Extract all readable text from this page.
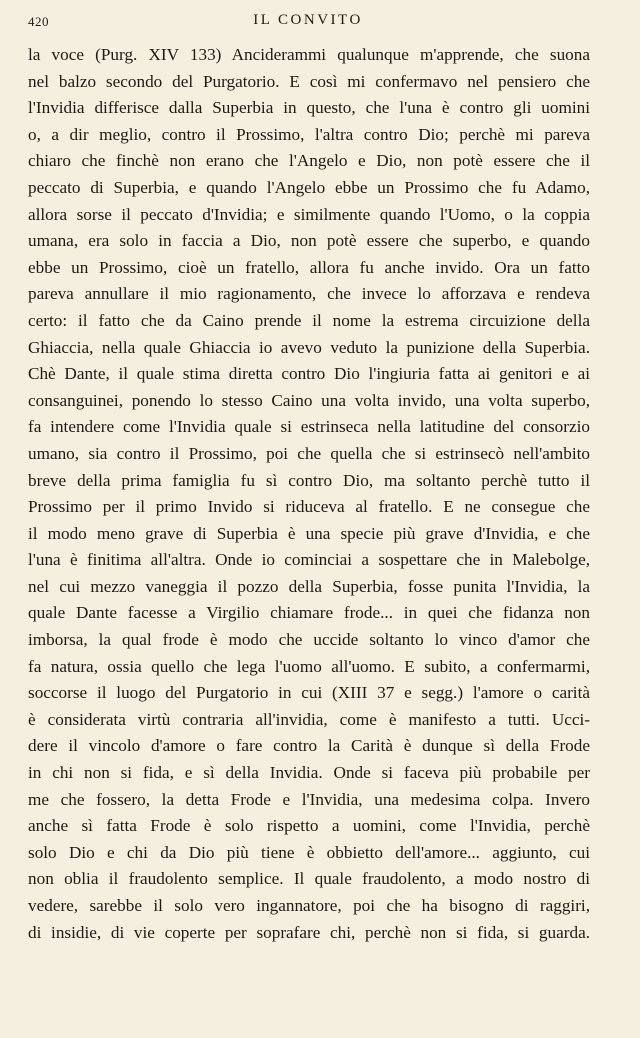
420	IL CONVITO
la voce (Purg. XIV 133) Anciderammi qualunque m'apprende, che suona
nel balzo secondo del Purgatorio. E così mi confermavo nel pensiero che
l'Invidia differisce dalla Superbia in questo, che l'una è contro gli uomini
o, a dir meglio, contro il Prossimo, l'altra contro Dio; perchè mi pareva
chiaro che finchè non erano che l'Angelo e Dio, non potè essere che il
peccato di Superbia, e quando l'Angelo ebbe un Prossimo che fu Adamo,
allora sorse il peccato d'Invidia; e similmente quando l'Uomo, o la coppia
umana, era solo in faccia a Dio, non potè essere che superbo, e quando
ebbe un Prossimo, cioè un fratello, allora fu anche invido. Ora un fatto
pareva annullare il mio ragionamento, che invece lo afforzava e rendeva
certo: il fatto che da Caino prende il nome la estrema circuizione della
Ghiaccia, nella quale Ghiaccia io avevo veduto la punizione della Superbia.
Chè Dante, il quale stima diretta contro Dio l'ingiuria fatta ai genitori e ai
consanguinei, ponendo lo stesso Caino una volta invido, una volta superbo,
fa intendere come l'Invidia quale si estrinseca nella latitudine del consorzio
umano, sia contro il Prossimo, poi che quella che si estrinsecò nell'ambito
breve della prima famiglia fu sì contro Dio, ma soltanto perchè tutto il
Prossimo per il primo Invido si riduceva al fratello. E ne consegue che
il modo meno grave di Superbia è una specie più grave d'Invidia, e che
l'una è finitima all'altra. Onde io cominciai a sospettare che in Malebolge,
nel cui mezzo vaneggia il pozzo della Superbia, fosse punita l'Invidia, la
quale Dante facesse a Virgilio chiamare frode... in quei che fidanza non
imborsa, la qual frode è modo che uccide soltanto lo vinco d'amor che
fa natura, ossia quello che lega l'uomo all'uomo. E subito, a confermarmi,
soccorse il luogo del Purgatorio in cui (XIII 37 e segg.) l'amore o carità
è considerata virtù contraria all'invidia, come è manifesto a tutti. Ucci-
dere il vincolo d'amore o fare contro la Carità è dunque sì della Frode
in chi non si fida, e sì della Invidia. Onde si faceva più probabile per
me che fossero, la detta Frode e l'Invidia, una medesima colpa. Invero
anche sì fatta Frode è solo rispetto a uomini, come l'Invidia, perchè
solo Dio e chi da Dio più tiene è obbietto dell'amore... aggiunto, cui
non oblia il fraudolento semplice. Il quale fraudolento, a modo nostro di
vedere, sarebbe il solo vero ingannatore, poi che ha bisogno di raggiri,
di insidie, di vie coperte per soprafare chi, perchè non si fida, si guarda.
